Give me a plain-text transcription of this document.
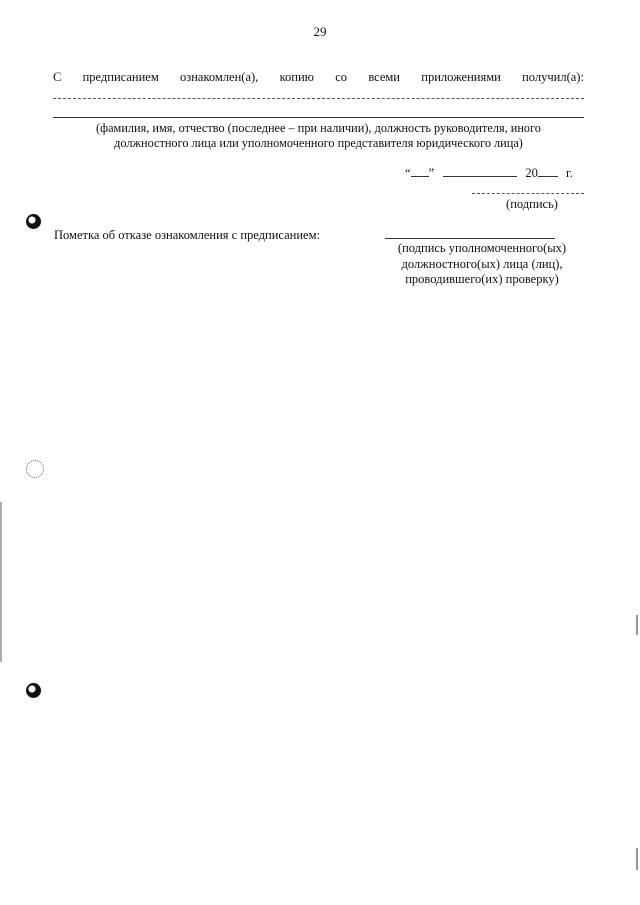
29
С предписанием ознакомлен(а), копию со всеми приложениями получил(а):
(фамилия, имя, отчество (последнее – при наличии), должность руководителя, иного
должностного лица или уполномоченного представителя юридического лица)
“ ”	20 г.
(подпись)
Пометка об отказе ознакомления с предписанием:
(подпись уполномоченного(ых)
должностного(ых) лица (лиц),
проводившего(их) проверку)
